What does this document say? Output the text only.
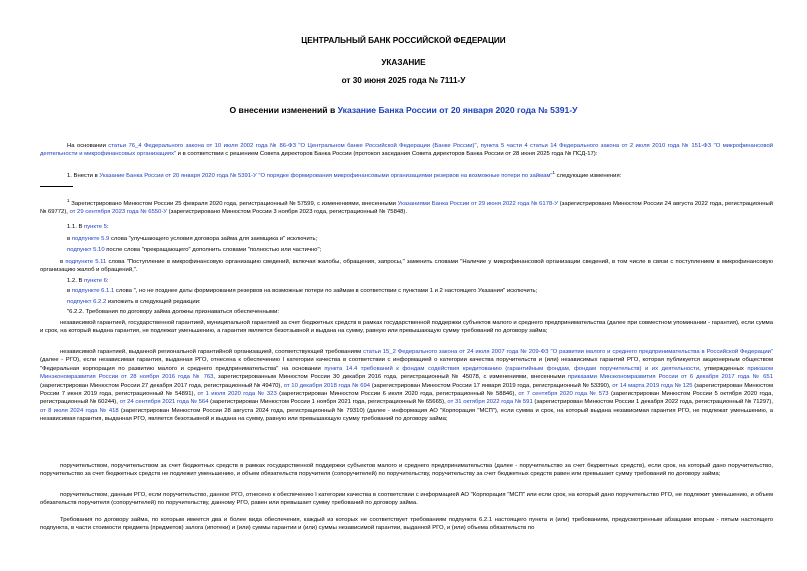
ЦЕНТРАЛЬНЫЙ БАНК РОССИЙСКОЙ ФЕДЕРАЦИИ
УКАЗАНИЕ
от 30 июня 2025 года № 7111-У
О внесении изменений в Указание Банка России от 20 января 2020 года № 5391-У
На основании статьи 76_4 Федерального закона от 10 июля 2002 года № 86-ФЗ "О Центральном банке Российской Федерации (Банке России)", пункта 5 части 4 статьи 14 Федерального закона от 2 июля 2010 года № 151-ФЗ "О микрофинансовой деятельности и микрофинансовых организациях" и в соответствии с решением Совета директоров Банка России (протокол заседания Совета директоров Банка России от 28 июня 2025 года № ПСД-17):
1. Внести в Указание Банка России от 20 января 2020 года № 5391-У "О порядке формирования микрофинансовыми организациями резервов на возможные потери по займам"$^1$ следующие изменения:
$^1$ Зарегистрировано Минюстом России 25 февраля 2020 года, регистрационный № 57599, с изменениями, внесенными Указаниями Банка России от 29 июня 2022 года № 6178-У (зарегистрировано Минюстом России 24 августа 2022 года, регистрационный № 69772), от 29 сентября 2023 года № 6550-У (зарегистрировано Минюстом России 3 ноября 2023 года, регистрационный № 75848).
1.1. В пункте 5:
в подпункте 5.9 слова "улучшающего условия договора займа для заемщика и" исключить;
подпункт 5.10 после слова "прекращающего" дополнить словами "полностью или частично";
в подпункте 5.11 слова "Поступление в микрофинансовую организацию сведений, включая жалобы, обращения, запросы," заменить словами "Наличие у микрофинансовой организации сведений, в том числе в связи с поступлением в микрофинансовую организацию жалоб и обращений,".
1.2. В пункте 6:
в подпункте 6.1.1 слова ", но не позднее даты формирования резервов на возможные потери по займам в соответствии с пунктами 1 и 2 настоящего Указания" исключить;
подпункт 6.2.2 изложить в следующей редакции:
"6.2.2. Требования по договору займа должны признаваться обеспеченными:
независимой гарантией, государственной гарантией, муниципальной гарантией за счет бюджетных средств в рамках государственной поддержки субъектов малого и среднего предпринимательства (далее при совместном упоминании - гарантия), если сумма и срок, на который выдана гарантия, не подлежат уменьшению, а гарантия является безотзывной и выдана на сумму, равную или превышающую сумму требований по договору займа;
независимой гарантией, выданной региональной гарантийной организацией, соответствующей требованиям статьи 15_2 Федерального закона от 24 июля 2007 года № 209-ФЗ "О развитии малого и среднего предпринимательства в Российской Федерации" (далее - РГО), если независимая гарантия, выданная РГО, отнесена к обеспечению I категории качества в соответствии с информацией о категории качества поручительств и (или) независимых гарантий РГО, которая публикуется акционерным обществом "Федеральная корпорация по развитию малого и среднего предпринимательства" на основании пункта 14.4 требований к фондам содействия кредитованию (гарантийным фондам, фондам поручительств) и их деятельности, утвержденных приказом Минэкономразвития России от 28 ноября 2016 года № 763, зарегистрированным Минюстом России 30 декабря 2016 года, регистрационный № 45078, с изменениями, внесенными приказами Минэкономразвития России от 6 декабря 2017 года № 651 (зарегистрирован Минюстом России 27 декабря 2017 года, регистрационный № 49470), от 10 декабря 2018 года № 694 (зарегистрирован Минюстом России 17 января 2019 года, регистрационный № 53390), от 14 марта 2019 года № 125 (зарегистрирован Минюстом России 7 июня 2019 года, регистрационный № 54891), от 1 июля 2020 года № 323 (зарегистрирован Минюстом России 6 июля 2020 года, регистрационный № 58846), от 7 сентября 2020 года № 573 (зарегистрирован Минюстом России 5 октября 2020 года, регистрационный № 60244), от 24 сентября 2021 года № 564 (зарегистрирован Минюстом России 1 ноября 2021 года, регистрационный № 65665), от 31 октября 2022 года № 591 (зарегистрирован Минюстом России 1 декабря 2022 года, регистрационный № 71297), от 8 июля 2024 года № 418 (зарегистрирован Минюстом России 28 августа 2024 года, регистрационный № 79310) (далее - информация АО "Корпорация "МСП"), если сумма и срок, на который выдана независимая гарантия РГО, не подлежат уменьшению, а независимая гарантия, выданная РГО, является безотзывной и выдана на сумму, равную или превышающую сумму требований по договору займа;
поручительством, поручительством за счет бюджетных средств в рамках государственной поддержки субъектов малого и среднего предпринимательства (далее - поручительство за счет бюджетных средств), если срок, на который дано поручительство, поручительство за счет бюджетных средств не подлежит уменьшению, и объем обязательств поручителя (сопоручителей) по поручительству, поручительству за счет бюджетных средств равен или превышает сумму требований по договору займа;
поручительством, данным РГО, если поручительство, данное РГО, отнесено к обеспечению I категории качества в соответствии с информацией АО "Корпорация "МСП" или если срок, на который дано поручительство РГО, не подлежит уменьшению, и объем обязательств поручителя (сопоручителей) по поручительству, данному РГО, равен или превышает сумму требований по договору займа.
Требования по договору займа, по которым имеется два и более вида обеспечения, каждый из которых не соответствует требованиям подпункта 6.2.1 настоящего пункта и (или) требованиям, предусмотренным абзацами вторым - пятым настоящего подпункта, в части стоимости предмета (предметов) залога (ипотеки) и (или) суммы гарантии и (или) суммы независимой гарантии, выданной РГО, и (или) объема обязательств по
